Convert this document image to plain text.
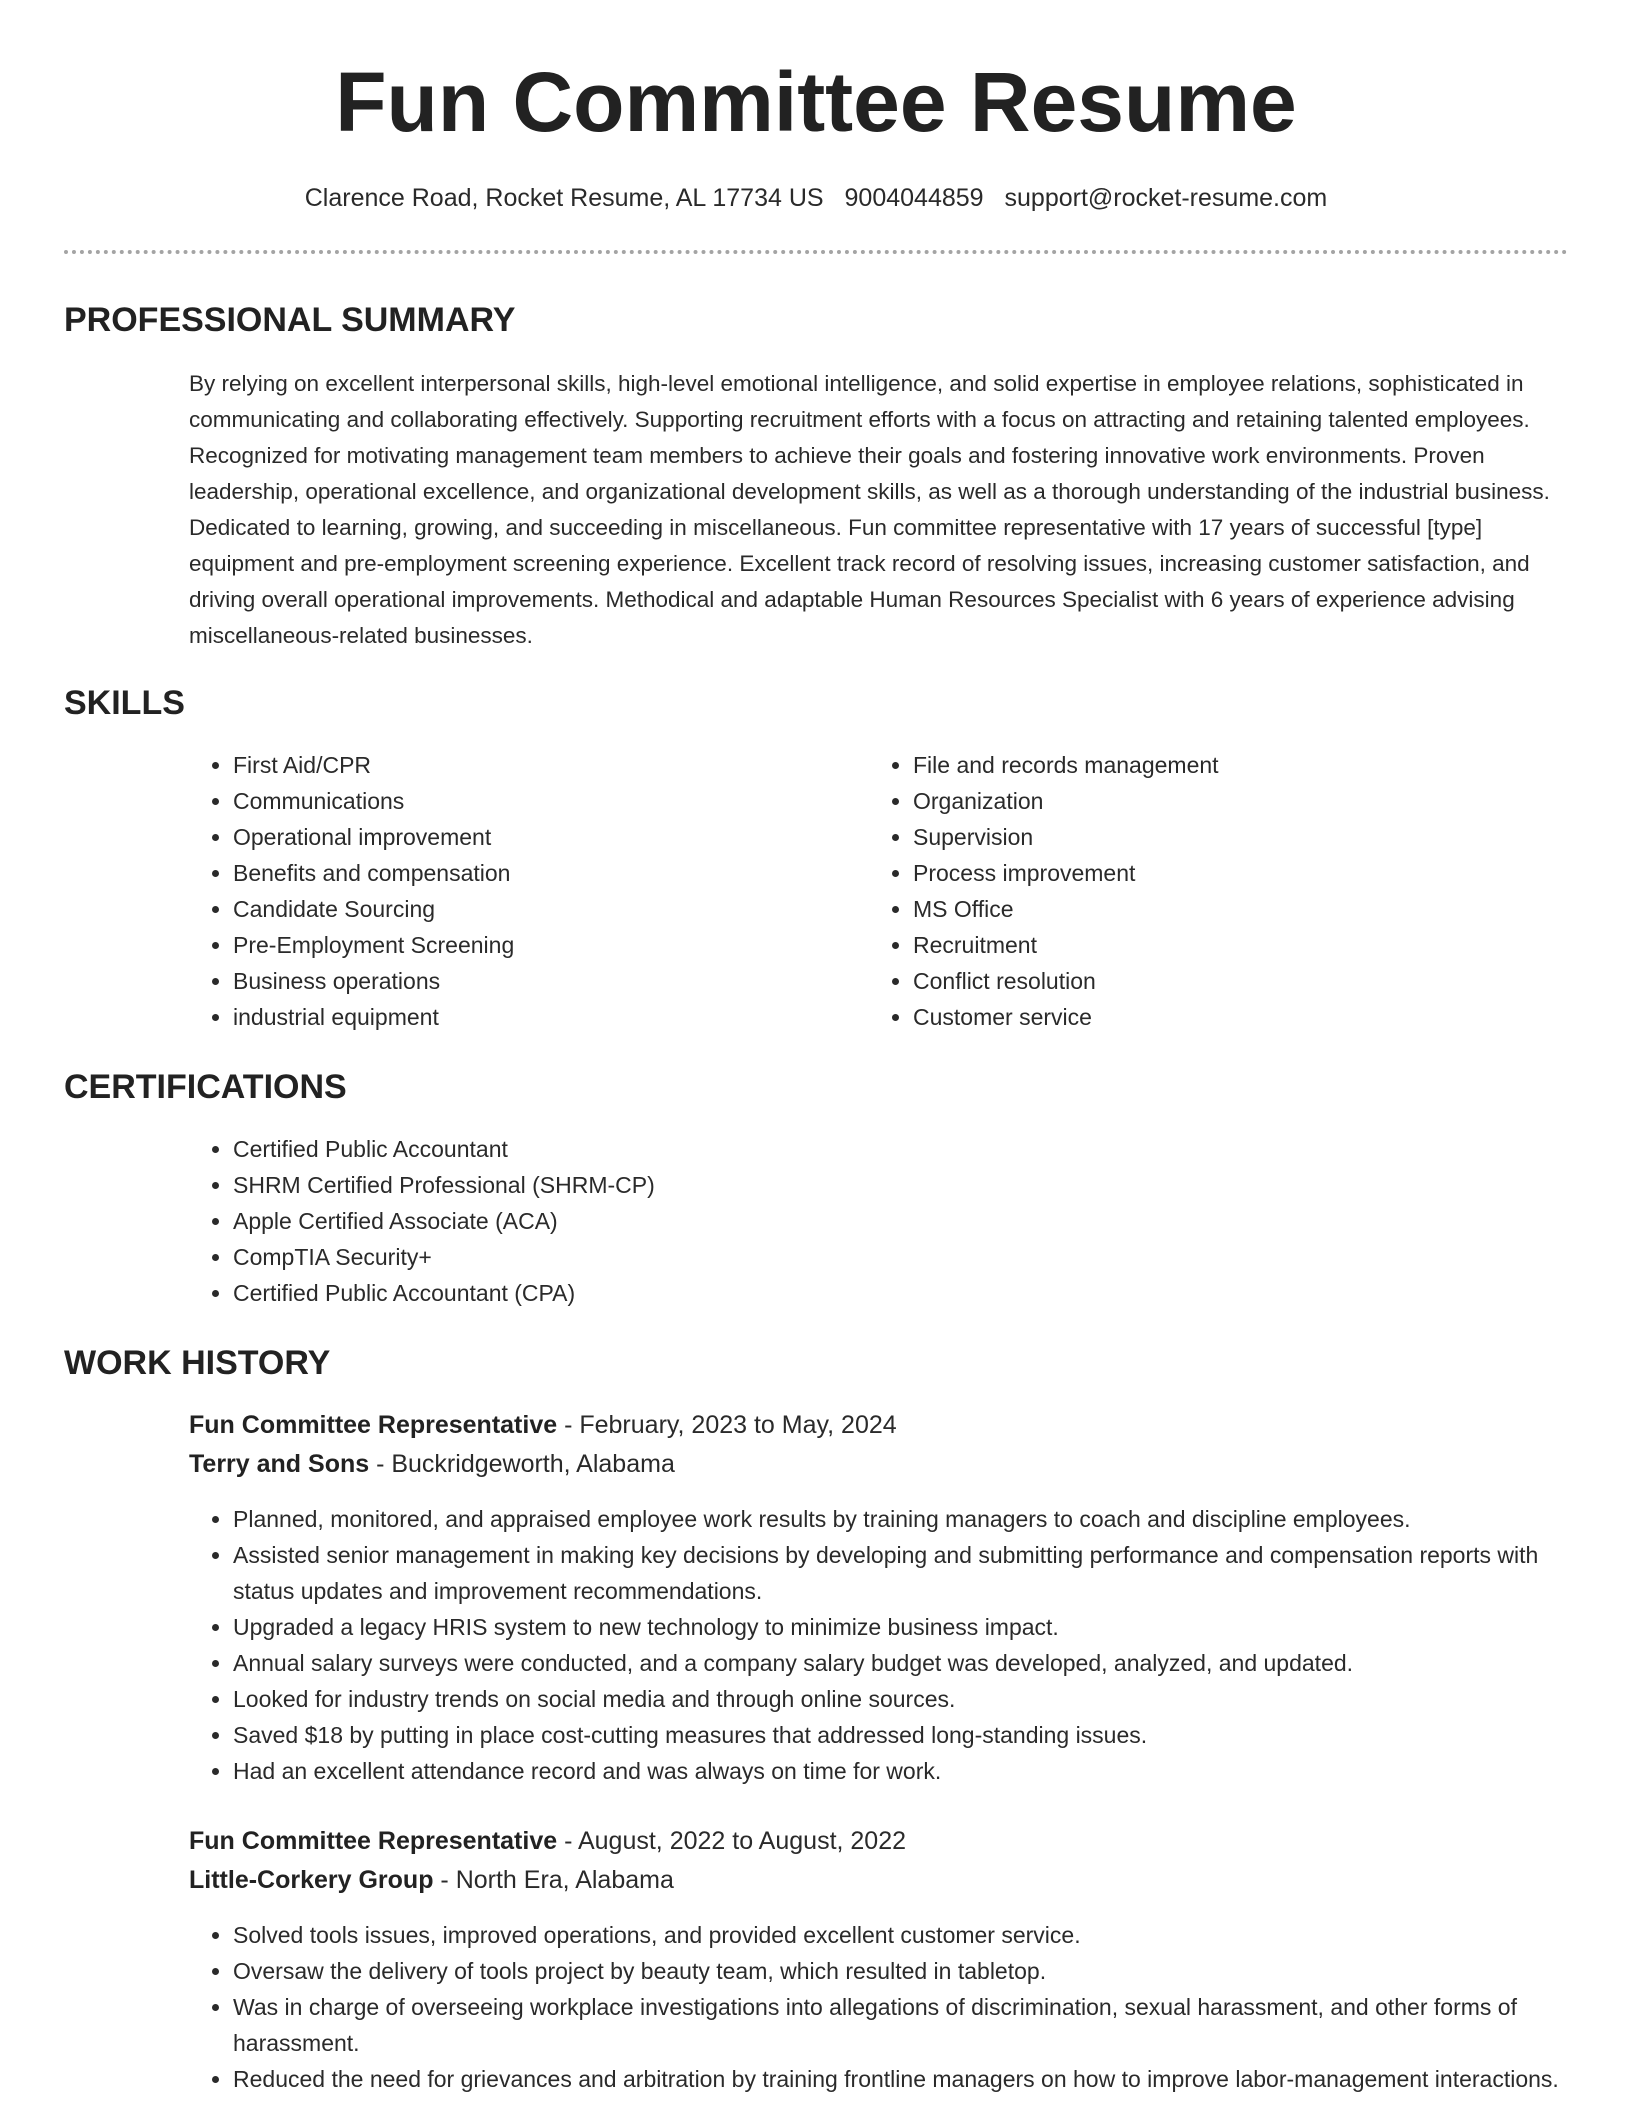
Fun Committee Resume
Clarence Road, Rocket Resume, AL 17734 US 9004044859 support@rocket-resume.com
PROFESSIONAL SUMMARY

By relying on excellent interpersonal skills, high-level emotional intelligence, and solid expertise in employee relations, sophisticated in communicating and collaborating effectively. Supporting recruitment efforts with a focus on attracting and retaining talented employees. Recognized for motivating management team members to achieve their goals and fostering innovative work environments. Proven leadership, operational excellence, and organizational development skills, as well as a thorough understanding of the industrial business. Dedicated to learning, growing, and succeeding in miscellaneous. Fun committee representative with 17 years of successful [type] equipment and pre-employment screening experience. Excellent track record of resolving issues, increasing customer satisfaction, and driving overall operational improvements. Methodical and adaptable Human Resources Specialist with 6 years of experience advising miscellaneous-related businesses.

SKILLS
• First Aid/CPR
• Communications
• Operational improvement
• Benefits and compensation
• Candidate Sourcing
• Pre-Employment Screening
• Business operations
• industrial equipment
• File and records management
• Organization
• Supervision
• Process improvement
• MS Office
• Recruitment
• Conflict resolution
• Customer service
CERTIFICATIONS
• Certified Public Accountant
• SHRM Certified Professional (SHRM-CP)
• Apple Certified Associate (ACA)
• CompTIA Security+
• Certified Public Accountant (CPA)
WORK HISTORY
Fun Committee Representative - February, 2023 to May, 2024
Terry and Sons - Buckridgeworth, Alabama
• Planned, monitored, and appraised employee work results by training managers to coach and discipline employees.
• Assisted senior management in making key decisions by developing and submitting performance and compensation reports with status updates and improvement recommendations.
• Upgraded a legacy HRIS system to new technology to minimize business impact.
• Annual salary surveys were conducted, and a company salary budget was developed, analyzed, and updated.
• Looked for industry trends on social media and through online sources.
• Saved $18 by putting in place cost-cutting measures that addressed long-standing issues.
• Had an excellent attendance record and was always on time for work.
Fun Committee Representative - August, 2022 to August, 2022
Little-Corkery Group - North Era, Alabama
• Solved tools issues, improved operations, and provided excellent customer service.
• Oversaw the delivery of tools project by beauty team, which resulted in tabletop.
• Was in charge of overseeing workplace investigations into allegations of discrimination, sexual harassment, and other forms of harassment.
• Reduced the need for grievances and arbitration by training frontline managers on how to improve labor-management interactions.
